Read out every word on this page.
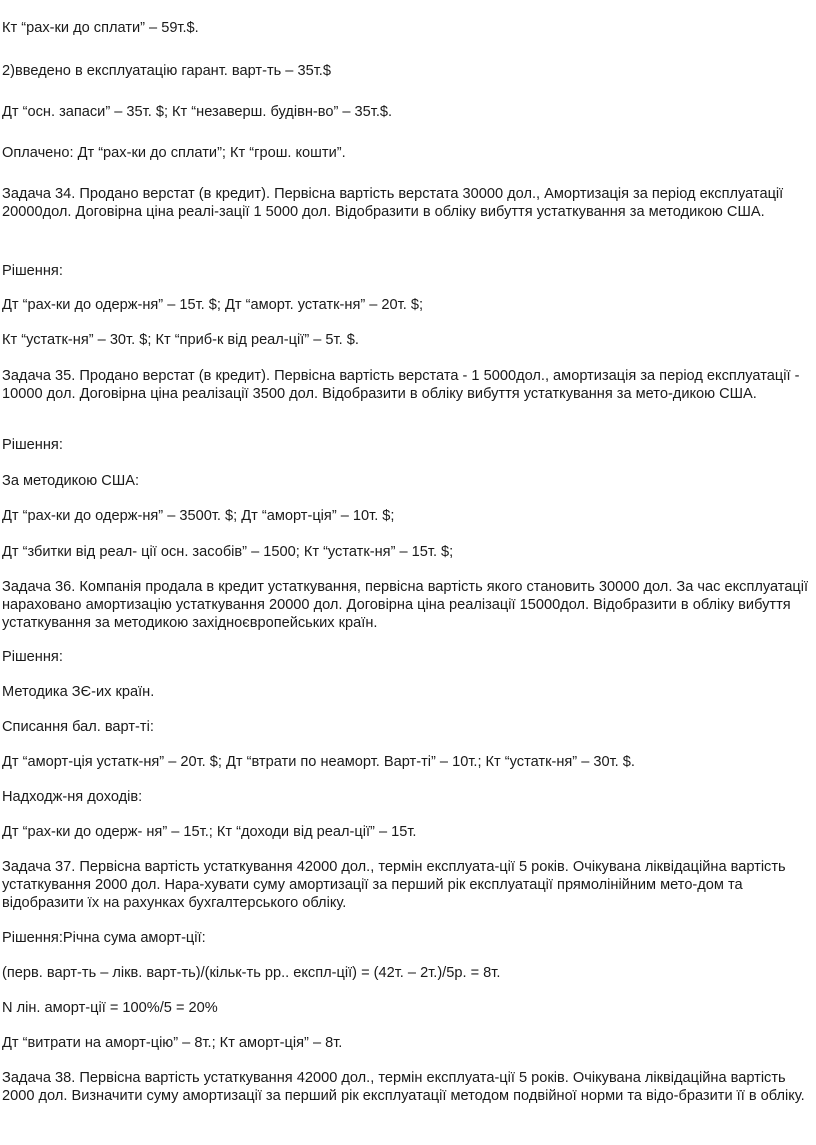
Кт “рах-ки до сплати” – 59т.$.

2)введено в експлуатацію гарант. варт-ть – 35т.$

Дт “осн. запаси” – 35т. $; Кт “незаверш. будівн-во” – 35т.$.

Оплачено: Дт “рах-ки до сплати”; Кт “грош. кошти”.

Задача 34. Продано верстат (в кредит). Первісна вартість верстата 30000 дол., Амортизація за період експлуатації 20000дол. Договірна ціна реалі-зації 1 5000 дол. Відобразити в обліку вибуття устаткування за методикою США.

Рішення:

Дт “рах-ки до одерж-ня” – 15т. $; Дт “аморт. устатк-ня” – 20т. $;

Кт “устатк-ня” – 30т. $; Кт “приб-к від реал-ції” – 5т. $.

Задача 35. Продано верстат (в кредит). Первісна вартість верстата - 1 5000дол., амортизація за період експлуатації - 10000 дол. Договірна ціна реалізації 3500 дол. Відобразити в обліку вибуття устаткування за мето-дикою США.

Рішення:

За методикою США:

Дт “рах-ки до одерж-ня” – 3500т. $; Дт “аморт-ція” – 10т. $;

Дт “збитки від реал- ції осн. засобів” – 1500; Кт “устатк-ня” – 15т. $;

Задача 36. Компанія продала в кредит устаткування, первісна вартість якого становить 30000 дол. За час експлуатації нараховано амортизацію устаткування 20000 дол. Договірна ціна реалізації 15000дол. Відобразити в обліку вибуття устаткування за методикою західноєвропейських країн.

Рішення:

Методика ЗЄ-их країн.

Списання бал. варт-ті:

Дт “аморт-ція устатк-ня” – 20т. $; Дт “втрати по неаморт. Варт-ті” – 10т.; Кт “устатк-ня” – 30т. $.

Надходж-ня доходів:

Дт “рах-ки до одерж- ня” – 15т.; Кт “доходи від реал-ції” – 15т.

Задача 37. Первісна вартість устаткування 42000 дол., термін експлуата-ції 5 років. Очікувана ліквідаційна вартість устаткування 2000 дол. Нара-хувати суму амортизації за перший рік експлуатації прямолінійним мето-дом та відобразити їх на рахунках бухгалтерського обліку.

Рішення:Річна сума аморт-ції:

(перв. варт-ть – лікв. варт-ть)/(кільк-ть рр.. експл-ції) = (42т. – 2т.)/5р. = 8т.

N лін. аморт-ції = 100%/5 = 20%

Дт “витрати на аморт-цію” – 8т.; Кт аморт-ція” – 8т.

Задача 38. Первісна вартість устаткування 42000 дол., термін експлуата-ції 5 років. Очікувана ліквідаційна вартість 2000 дол. Визначити суму амортизації за перший рік експлуатації методом подвійної норми та відо-бразити її в обліку.
